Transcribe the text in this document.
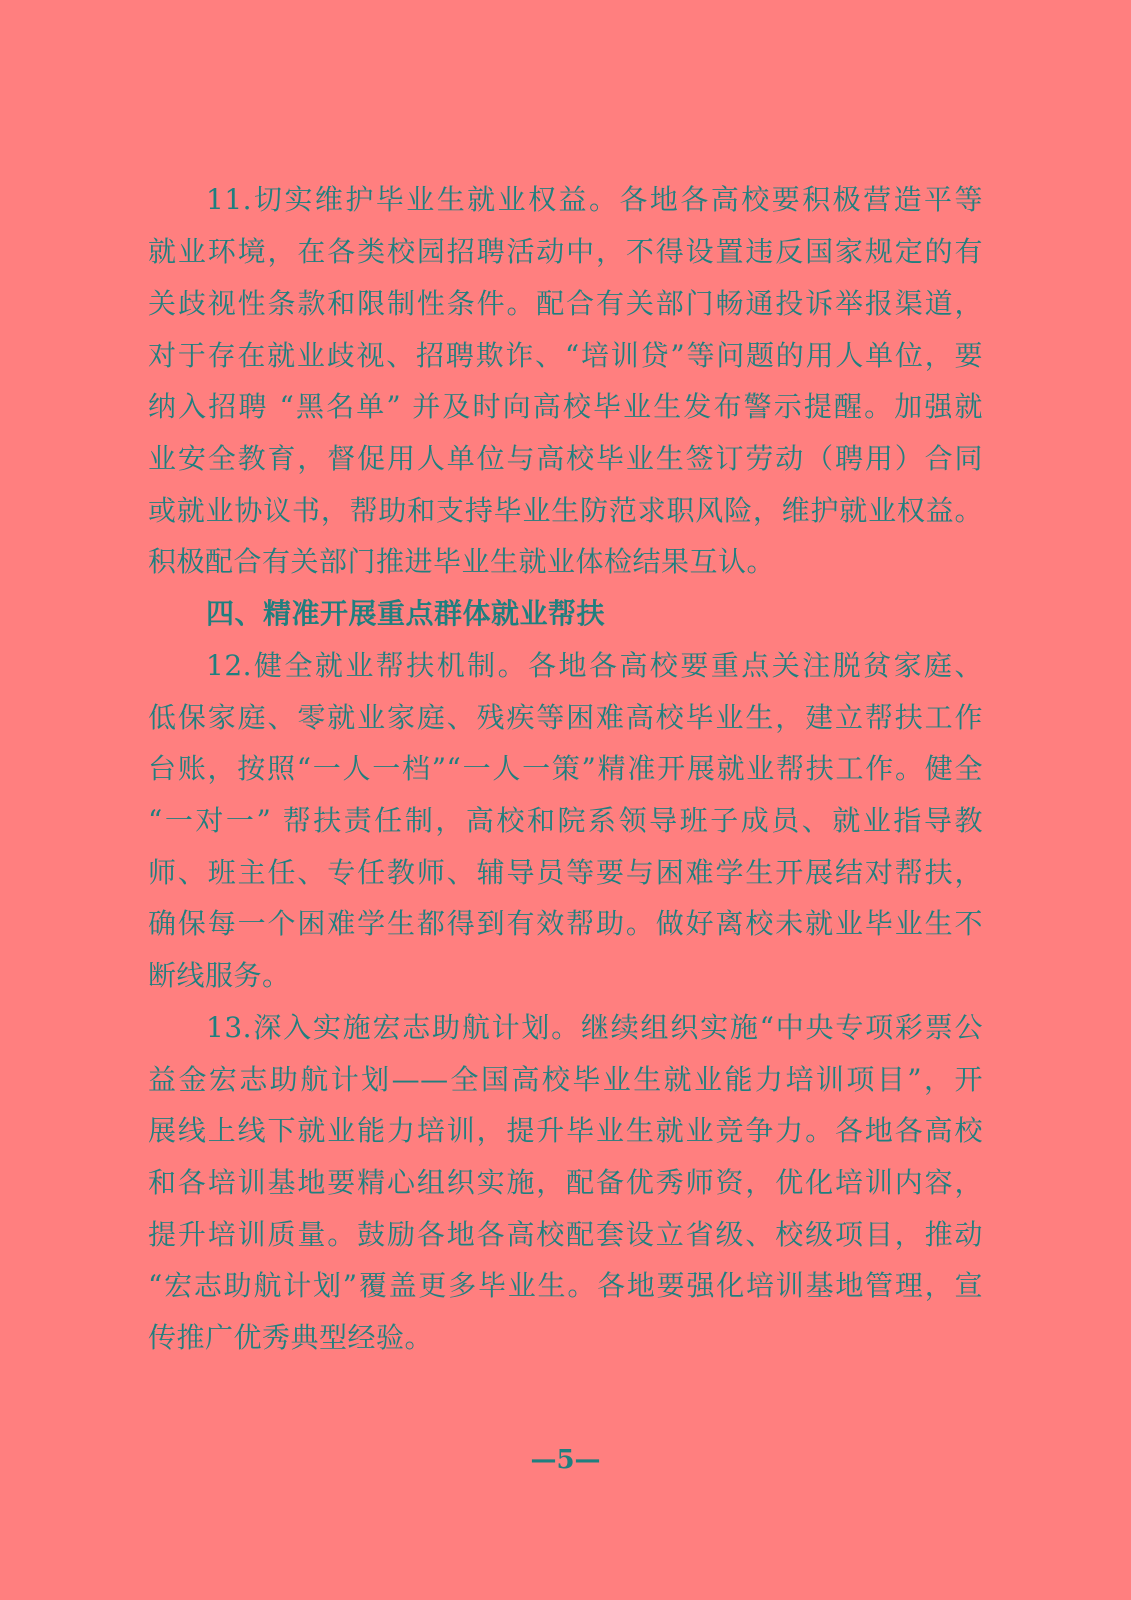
11.切实维护毕业生就业权益。各地各高校要积极营造平等
就业环境，在各类校园招聘活动中，不得设置违反国家规定的有
关歧视性条款和限制性条件。配合有关部门畅通投诉举报渠道，
对于存在就业歧视、招聘欺诈、“培训贷”等问题的用人单位，要
纳入招聘 “黑名单” 并及时向高校毕业生发布警示提醒。加强就
业安全教育，督促用人单位与高校毕业生签订劳动（聘用）合同
或就业协议书，帮助和支持毕业生防范求职风险，维护就业权益。
积极配合有关部门推进毕业生就业体检结果互认。
四、精准开展重点群体就业帮扶
12.健全就业帮扶机制。各地各高校要重点关注脱贫家庭、
低保家庭、零就业家庭、残疾等困难高校毕业生，建立帮扶工作
台账，按照“一人一档”“一人一策”精准开展就业帮扶工作。健全
“一对一” 帮扶责任制，高校和院系领导班子成员、就业指导教
师、班主任、专任教师、辅导员等要与困难学生开展结对帮扶，
确保每一个困难学生都得到有效帮助。做好离校未就业毕业生不
断线服务。
13.深入实施宏志助航计划。继续组织实施“中央专项彩票公
益金宏志助航计划——全国高校毕业生就业能力培训项目”，开
展线上线下就业能力培训，提升毕业生就业竞争力。各地各高校
和各培训基地要精心组织实施，配备优秀师资，优化培训内容，
提升培训质量。鼓励各地各高校配套设立省级、校级项目，推动
“宏志助航计划”覆盖更多毕业生。各地要强化培训基地管理，宣
传推广优秀典型经验。
—5—
